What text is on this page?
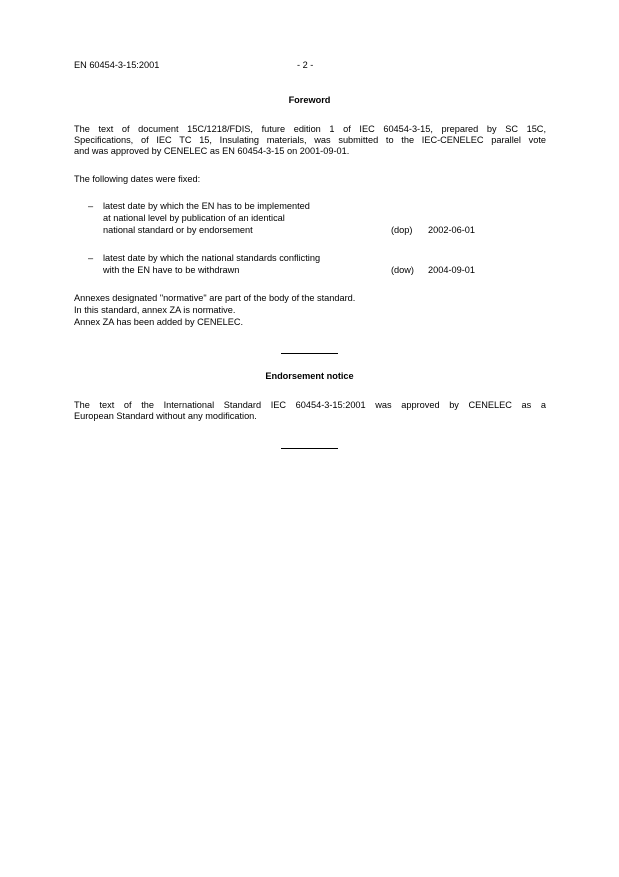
EN 60454-3-15:2001	- 2 -
Foreword
The text of document 15C/1218/FDIS, future edition 1 of IEC 60454-3-15, prepared by SC 15C,
Specifications, of IEC TC 15, Insulating materials, was submitted to the IEC-CENELEC parallel vote
and was approved by CENELEC as EN 60454-3-15 on 2001-09-01.
The following dates were fixed:
– latest date by which the EN has to be implemented
at national level by publication of an identical
national standard or by endorsement	(dop) 2002-06-01
– latest date by which the national standards conflicting
with the EN have to be withdrawn	(dow) 2004-09-01
Annexes designated "normative" are part of the body of the standard.
In this standard, annex ZA is normative.
Annex ZA has been added by CENELEC.
Endorsement notice
The text of the International Standard IEC 60454-3-15:2001 was approved by CENELEC as a
European Standard without any modification.
